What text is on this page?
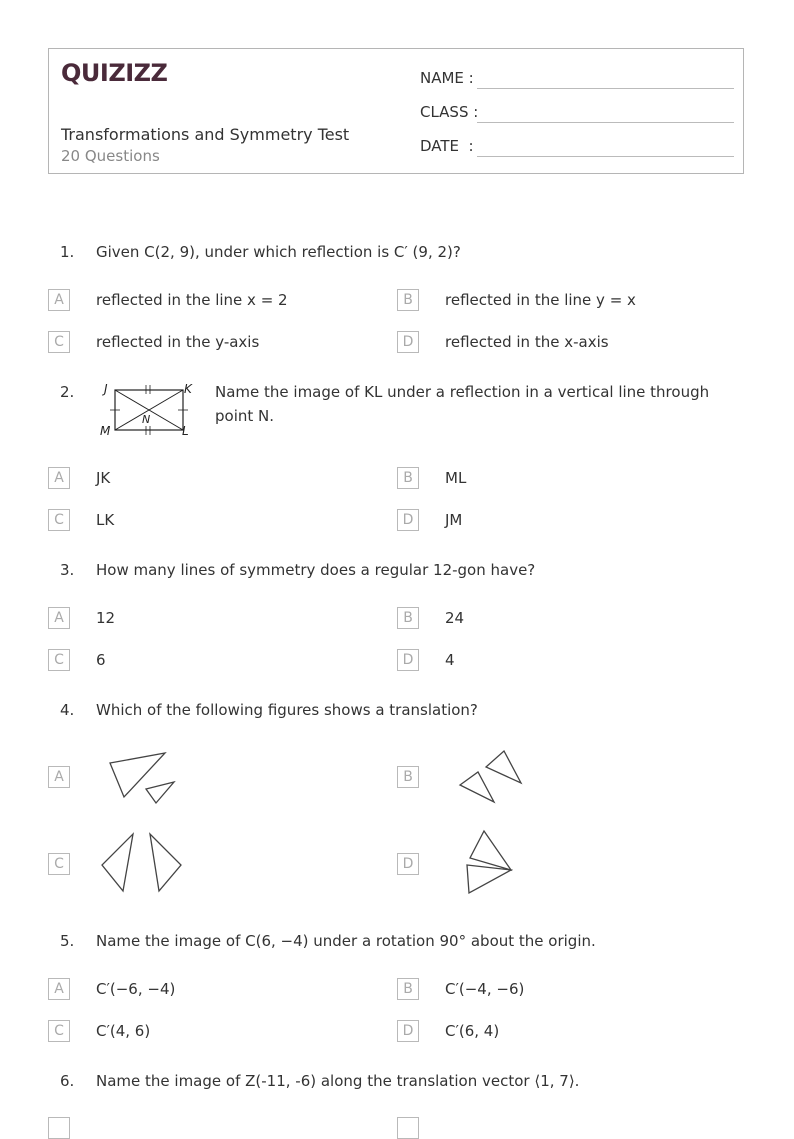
QUIZIZZ
Transformations and Symmetry Test
20 Questions
NAME :
CLASS :
DATE  :
1. Given C(2, 9), under which reflection is C′ (9, 2)?
A	reflected in the line x = 2	B	reflected in the line y = x
C	reflected in the y-axis	D	reflected in the x-axis
2. J	K
M	L
N
Name the image of KL under a reflection in a vertical line through point N.
A	JK	B	ML
C	LK	D	JM
3. How many lines of symmetry does a regular 12-gon have?
A	12	B	24
C	6	D	4
4. Which of the following figures shows a translation?
A	B
C	D
5. Name the image of C(6, −4) under a rotation 90° about the origin.
A	C′(−6, −4)	B	C′(−4, −6)
C	C′(4, 6)	D	C′(6, 4)
6. Name the image of Z(-11, -6) along the translation vector ⟨1, 7⟩.
